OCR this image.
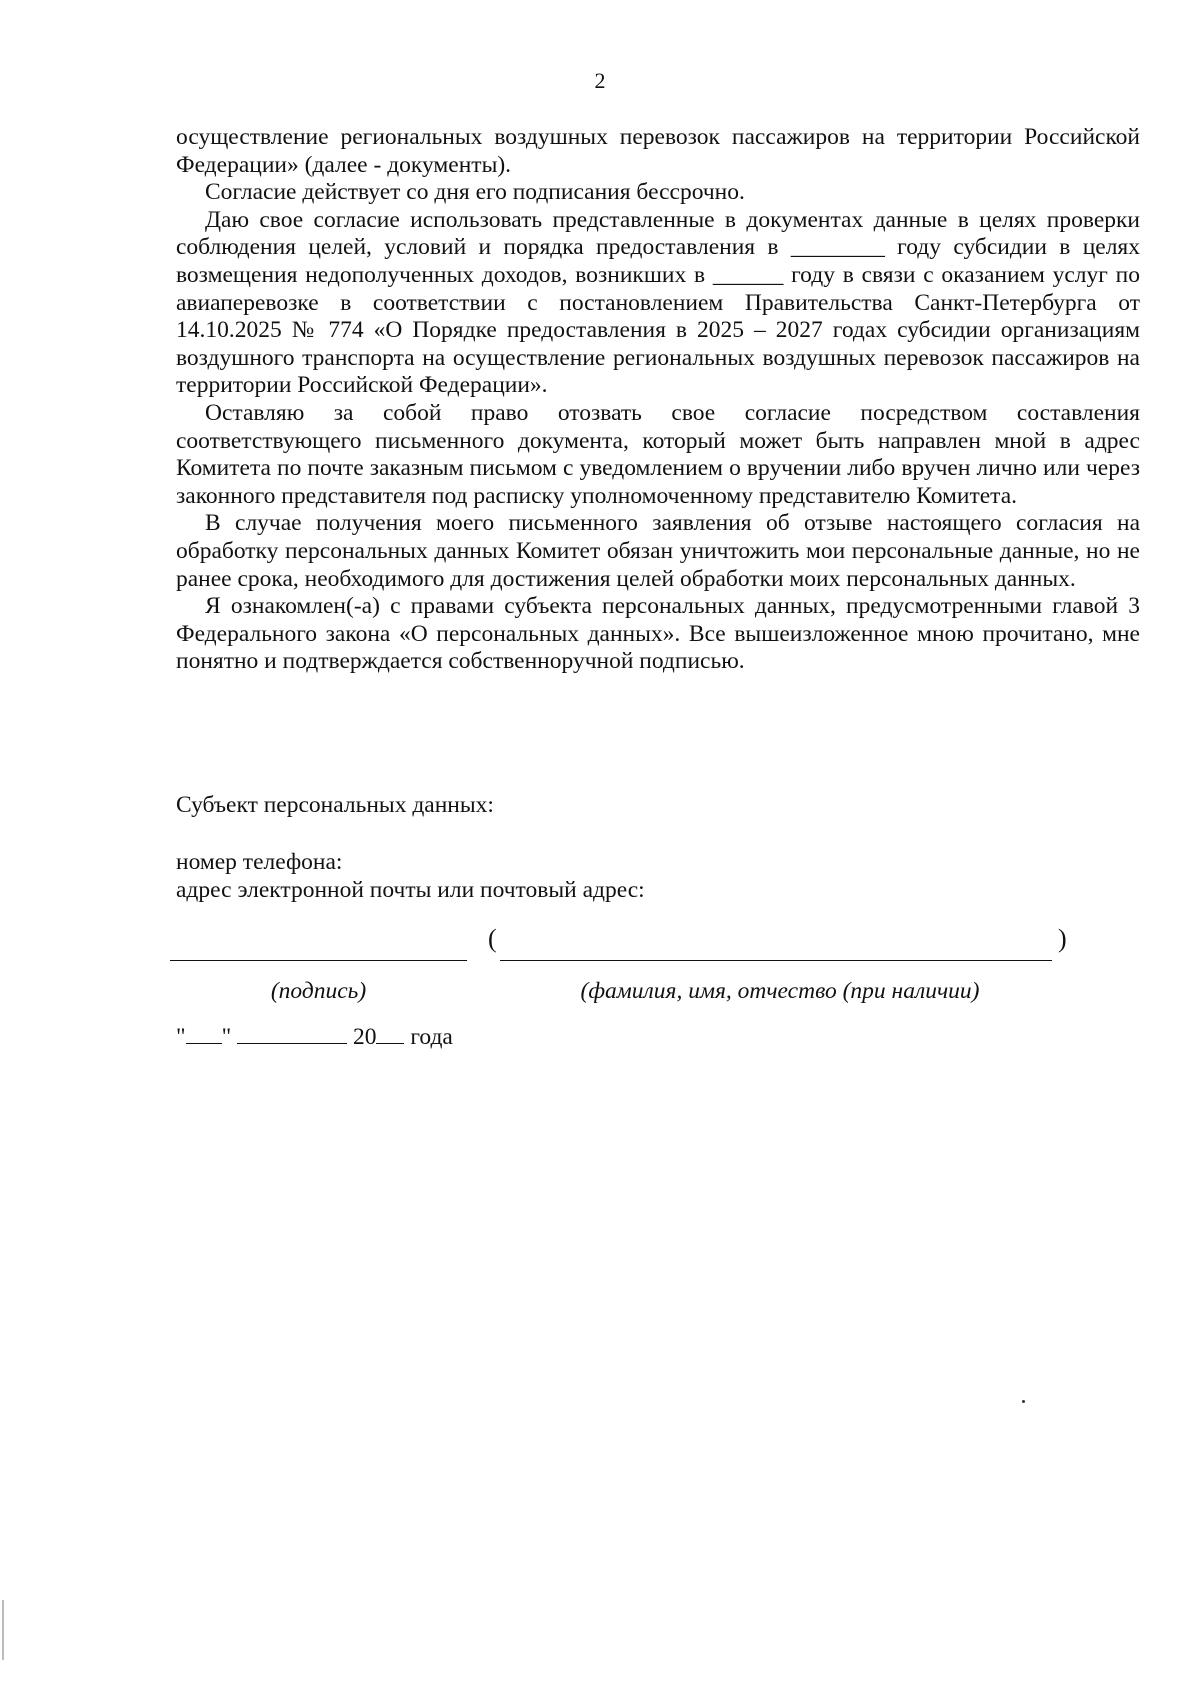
2

осуществление региональных воздушных перевозок пассажиров на территории Российской Федерации» (далее - документы).

Согласие действует со дня его подписания бессрочно.

Даю свое согласие использовать представленные в документах данные в целях проверки соблюдения целей, условий и порядка предоставления в ________ году субсидии в целях возмещения недополученных доходов, возникших в ______ году в связи с оказанием услуг по авиаперевозке в соответствии с постановлением Правительства Санкт-Петербурга от 14.10.2025 № 774 «О Порядке предоставления в 2025 – 2027 годах субсидии организациям воздушного транспорта на осуществление региональных воздушных перевозок пассажиров на территории Российской Федерации».

Оставляю за собой право отозвать свое согласие посредством составления соответствующего письменного документа, который может быть направлен мной в адрес Комитета по почте заказным письмом с уведомлением о вручении либо вручен лично или через законного представителя под расписку уполномоченному представителю Комитета.

В случае получения моего письменного заявления об отзыве настоящего согласия на обработку персональных данных Комитет обязан уничтожить мои персональные данные, но не ранее срока, необходимого для достижения целей обработки моих персональных данных.

Я ознакомлен(-а) с правами субъекта персональных данных, предусмотренными главой 3 Федерального закона «О персональных данных». Все вышеизложенное мною прочитано, мне понятно и подтверждается собственноручной подписью.

Субъект персональных данных:
номер телефона:
адрес электронной почты или почтовый адрес:
(	)
(подпись)	(фамилия, имя, отчество (при наличии)
" "	20 года
